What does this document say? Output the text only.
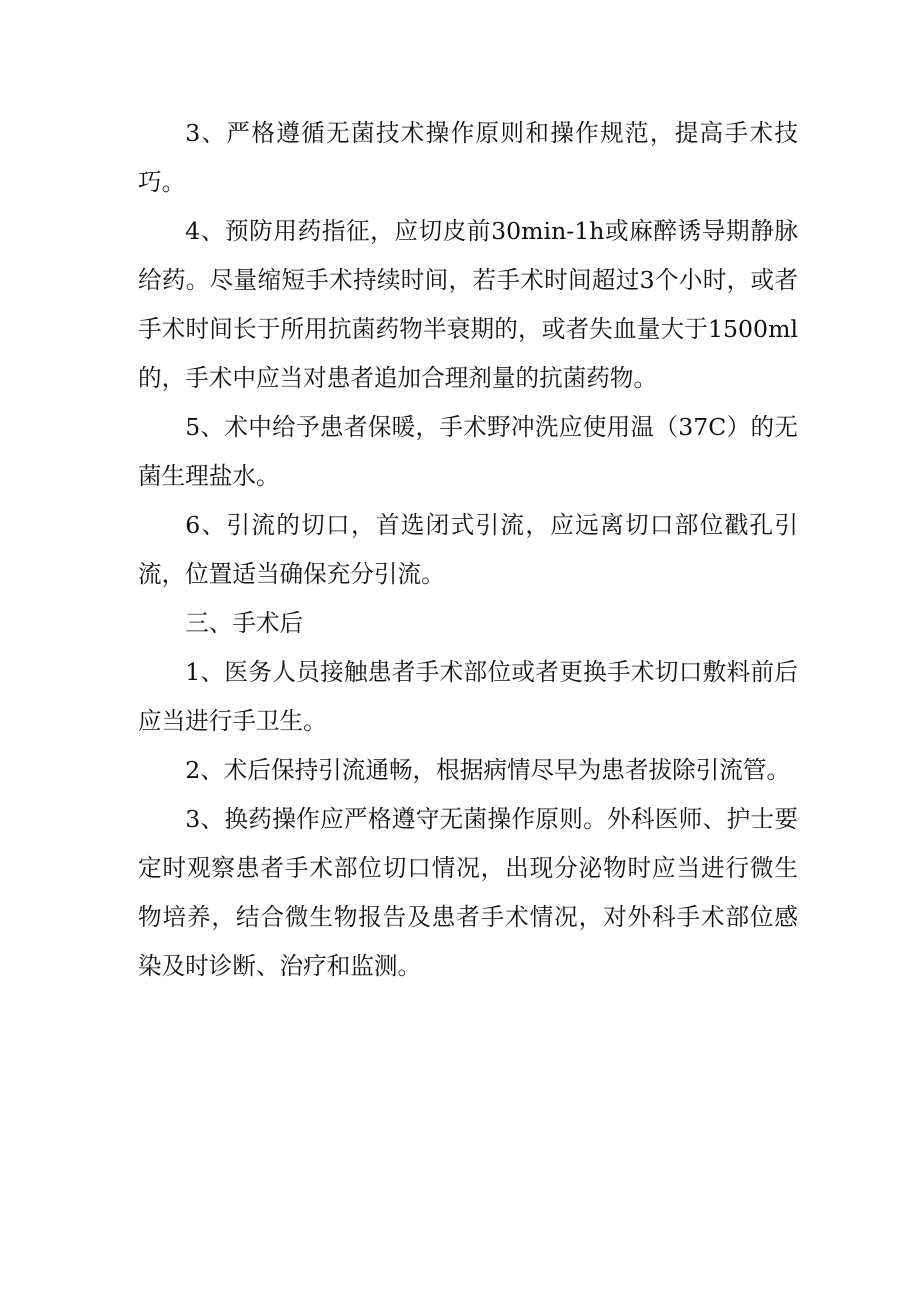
3、严格遵循无菌技术操作原则和操作规范，提高手术技巧。

4、预防用药指征，应切皮前30min-1h或麻醉诱导期静脉给药。尽量缩短手术持续时间，若手术时间超过3个小时，或者手术时间长于所用抗菌药物半衰期的，或者失血量大于1500ml的，手术中应当对患者追加合理剂量的抗菌药物。

5、术中给予患者保暖，手术野冲洗应使用温（37C）的无菌生理盐水。

6、引流的切口，首选闭式引流，应远离切口部位戳孔引流，位置适当确保充分引流。

三、手术后

1、医务人员接触患者手术部位或者更换手术切口敷料前后应当进行手卫生。

2、术后保持引流通畅，根据病情尽早为患者拔除引流管。

3、换药操作应严格遵守无菌操作原则。外科医师、护士要定时观察患者手术部位切口情况，出现分泌物时应当进行微生物培养，结合微生物报告及患者手术情况，对外科手术部位感染及时诊断、治疗和监测。
